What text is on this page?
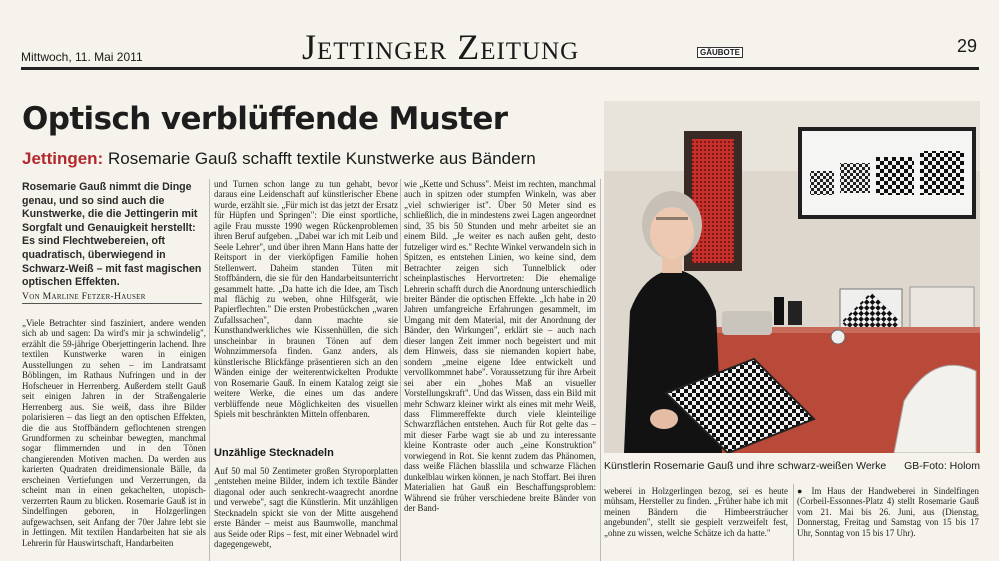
Mittwoch, 11. Mai 2011	Jettinger Zeitung	GÄUBOTE	29
Optisch verblüffende Muster
Jettingen: Rosemarie Gauß schafft textile Kunstwerke aus Bändern
Rosemarie Gauß nimmt die Dinge genau, und so sind auch die Kunstwerke, die die Jettingerin mit Sorgfalt und Genauigkeit herstellt: Es sind Flechtwebereien, oft quadratisch, überwiegend in Schwarz-Weiß – mit fast magischen optischen Effekten.
Von Marline Fetzer-Hauser

„Viele Betrachter sind fasziniert, andere wenden sich ab und sagen: Da wird's mir ja schwindelig", erzählt die 59-jährige Oberjettingerin lachend. Ihre textilen Kunstwerke waren in einigen Ausstellungen zu sehen – im Landratsamt Böblingen, im Rathaus Nufringen und in der Hofscheuer in Herrenberg. Außerdem stellt Gauß seit einigen Jahren in der Straßengalerie Herrenberg aus. Sie weiß, dass ihre Bilder polarisieren – das liegt an den optischen Effekten, die die aus Stoffbändern geflochtenen strengen Grundformen zu scheinbar bewegten, manchmal sogar flimmernden und in den Tönen changierenden Motiven machen. Da werden aus karierten Quadraten dreidimensionale Bälle, da erscheinen Vertiefungen und Verzerrungen, da scheint man in einen gekachelten, utopisch-verzerrten Raum zu blicken. Rosemarie Gauß ist in Sindelfingen geboren, in Holzgerlingen aufgewachsen, seit Anfang der 70er Jahre lebt sie in Jettingen. Mit textilen Handarbeiten hat sie als Lehrerin für Hauswirtschaft, Handarbeiten

und Turnen schon lange zu tun gehabt, bevor daraus eine Leidenschaft auf künstlerischer Ebene wurde, erzählt sie. „Für mich ist das jetzt der Ersatz für Hüpfen und Springen": Die einst sportliche, agile Frau musste 1990 wegen Rückenproblemen ihren Beruf aufgeben. „Dabei war ich mit Leib und Seele Lehrer", und über ihren Mann Hans hatte der Reitsport in der vierköpfigen Familie hohen Stellenwert. Daheim standen Tüten mit Stoffbändern, die sie für den Handarbeitsunterricht gesammelt hatte. „Da hatte ich die Idee, am Tisch mal flächig zu weben, ohne Hilfsgerät, wie Papierflechten." Die ersten Probestückchen „waren Zufallssachen", dann machte sie Kunsthandwerkliches wie Kissenhüllen, die sich unscheinbar in braunen Tönen auf dem Wohnzimmersofa finden. Ganz anders, als künstlerische Blickfänge präsentieren sich an den Wänden einige der weiterentwickelten Produkte von Rosemarie Gauß. In einem Katalog zeigt sie weitere Werke, die eines um das andere verblüffende neue Möglichkeiten des visuellen Spiels mit beschränkten Mitteln offenbaren.

Unzählige Stecknadeln

Auf 50 mal 50 Zentimeter großen Styroporplatten „entstehen meine Bilder, indem ich textile Bänder diagonal oder auch senkrecht-waagrecht anordne und verwebe", sagt die Künstlerin. Mit unzähligen Stecknadeln spickt sie von der Mitte ausgehend erste Bänder – meist aus Baumwolle, manchmal aus Seide oder Rips – fest, mit einer Webnadel wird dagegengewebt,

wie „Kette und Schuss". Meist im rechten, manchmal auch in spitzen oder stumpfen Winkeln, was aber „viel schwieriger ist". Über 50 Meter sind es schließlich, die in mindestens zwei Lagen angeordnet sind, 35 bis 50 Stunden und mehr arbeitet sie an einem Bild. „Je weiter es nach außen geht, desto futzeliger wird es." Rechte Winkel verwandeln sich in Spitzen, es entstehen Linien, wo keine sind, dem Betrachter zeigen sich Tunnelblick oder scheinplastisches Hervortreten: Die ehemalige Lehrerin schafft durch die Anordnung unterschiedlich breiter Bänder die optischen Effekte. „Ich habe in 20 Jahren umfangreiche Erfahrungen gesammelt, im Umgang mit dem Material, mit der Anordnung der Bänder, den Wirkungen", erklärt sie – auch nach dieser langen Zeit immer noch begeistert und mit dem Hinweis, dass sie niemanden kopiert habe, sondern „meine eigene Idee entwickelt und vervollkommnet habe". Voraussetzung für ihre Arbeit sei aber ein „hohes Maß an visueller Vorstellungskraft". Und das Wissen, dass ein Bild mit mehr Schwarz kleiner wirkt als eines mit mehr Weiß, dass Flimmereffekte durch viele kleinteilige Schwarzflächen entstehen. Auch für Rot gelte das – mit dieser Farbe wagt sie ab und zu interessante kleine Kontraste oder auch „eine Konstruktion" vorwiegend in Rot. Sie kennt zudem das Phänomen, dass weiße Flächen blasslila und schwarze Flächen dunkelblau wirken können, je nach Stoffart. Bei ihren Materialien hat Gauß ein Beschaffungsproblem: Während sie früher verschiedene breite Bänder von der Band-

weberei in Holzgerlingen bezog, sei es heute mühsam, Hersteller zu finden. „Früher habe ich mit meinen Bändern die Himbeersträucher angebunden", stellt sie gespielt verzweifelt fest, „ohne zu wissen, welche Schätze ich da hatte."

● Im Haus der Handweberei in Sindelfingen (Corbeil-Essonnes-Platz 4) stellt Rosemarie Gauß vom 21. Mai bis 26. Juni, aus (Dienstag, Donnerstag, Freitag und Samstag von 15 bis 17 Uhr, Sonntag von 15 bis 17 Uhr).

Künstlerin Rosemarie Gauß und ihre schwarz-weißen Werke GB-Foto: Holom
